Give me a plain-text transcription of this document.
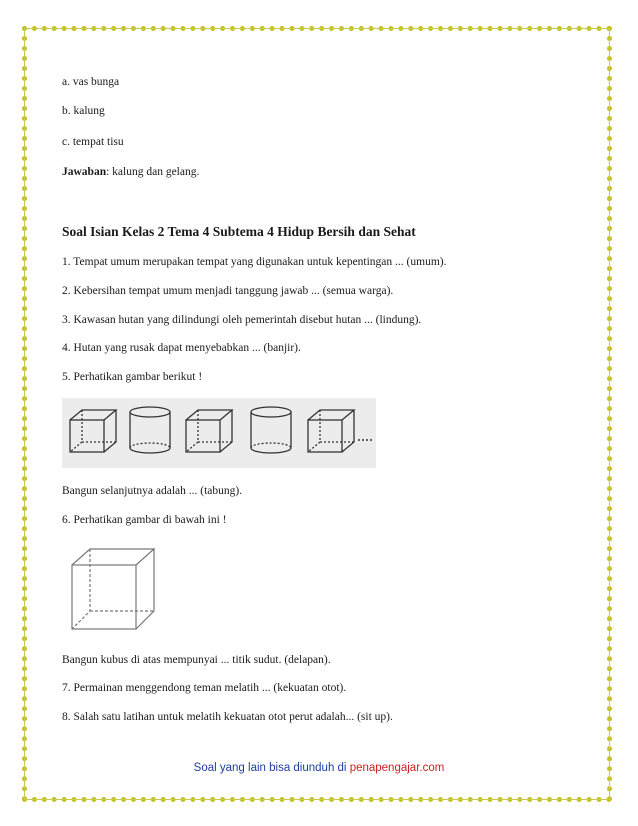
a. vas bunga
b. kalung
c. tempat tisu
Jawaban: kalung dan gelang.
Soal Isian Kelas 2 Tema 4 Subtema 4 Hidup Bersih dan Sehat
1. Tempat umum merupakan tempat yang digunakan untuk kepentingan ... (umum).
2. Kebersihan tempat umum menjadi tanggung jawab ... (semua warga).
3. Kawasan hutan yang dilindungi oleh pemerintah disebut hutan ... (lindung).
4. Hutan yang rusak dapat menyebabkan ... (banjir).
5. Perhatikan gambar berikut !
Bangun selanjutnya adalah ... (tabung).
6. Perhatikan gambar di bawah ini !
Bangun kubus di atas mempunyai ... titik sudut. (delapan).
7. Permainan menggendong teman melatih ... (kekuatan otot).
8. Salah satu latihan untuk melatih kekuatan otot perut adalah... (sit up).
Soal yang lain bisa diunduh di penapengajar.com
